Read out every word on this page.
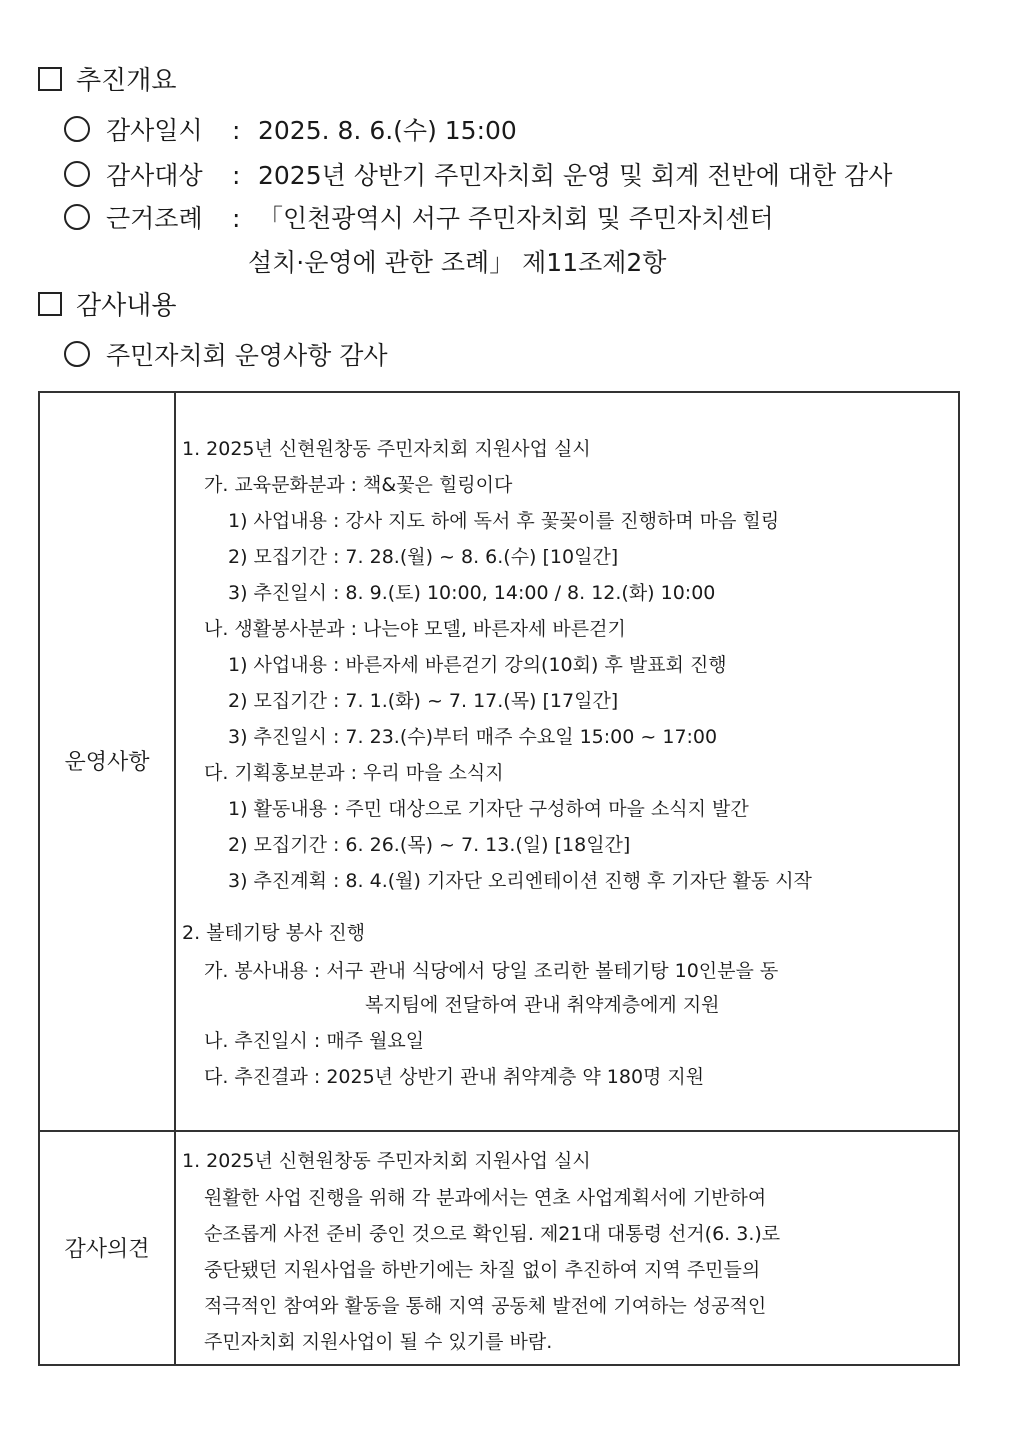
추진개요
감사일시 : 2025. 8. 6.(수) 15:00
감사대상 : 2025년 상반기 주민자치회 운영 및 회계 전반에 대한 감사
근거조례 : 「인천광역시 서구 주민자치회 및 주민자치센터
설치·운영에 관한 조례」 제11조제2항
감사내용
주민자치회 운영사항 감사
운영사항
감사의견
1. 2025년 신현원창동 주민자치회 지원사업 실시
가. 교육문화분과 : 책&꽃은 힐링이다
1) 사업내용 : 강사 지도 하에 독서 후 꽃꽂이를 진행하며 마음 힐링
2) 모집기간 : 7. 28.(월) ~ 8. 6.(수) [10일간]
3) 추진일시 : 8. 9.(토) 10:00, 14:00 / 8. 12.(화) 10:00
나. 생활봉사분과 : 나는야 모델, 바른자세 바른걷기
1) 사업내용 : 바른자세 바른걷기 강의(10회) 후 발표회 진행
2) 모집기간 : 7. 1.(화) ~ 7. 17.(목) [17일간]
3) 추진일시 : 7. 23.(수)부터 매주 수요일 15:00 ~ 17:00
다. 기획홍보분과 : 우리 마을 소식지
1) 활동내용 : 주민 대상으로 기자단 구성하여 마을 소식지 발간
2) 모집기간 : 6. 26.(목) ~ 7. 13.(일) [18일간]
3) 추진계획 : 8. 4.(월) 기자단 오리엔테이션 진행 후 기자단 활동 시작
2. 볼테기탕 봉사 진행
가. 봉사내용 : 서구 관내 식당에서 당일 조리한 볼테기탕 10인분을 동
복지팀에 전달하여 관내 취약계층에게 지원
나. 추진일시 : 매주 월요일
다. 추진결과 : 2025년 상반기 관내 취약계층 약 180명 지원
1. 2025년 신현원창동 주민자치회 지원사업 실시
원활한 사업 진행을 위해 각 분과에서는 연초 사업계획서에 기반하여
순조롭게 사전 준비 중인 것으로 확인됨. 제21대 대통령 선거(6. 3.)로
중단됐던 지원사업을 하반기에는 차질 없이 추진하여 지역 주민들의
적극적인 참여와 활동을 통해 지역 공동체 발전에 기여하는 성공적인
주민자치회 지원사업이 될 수 있기를 바람.
